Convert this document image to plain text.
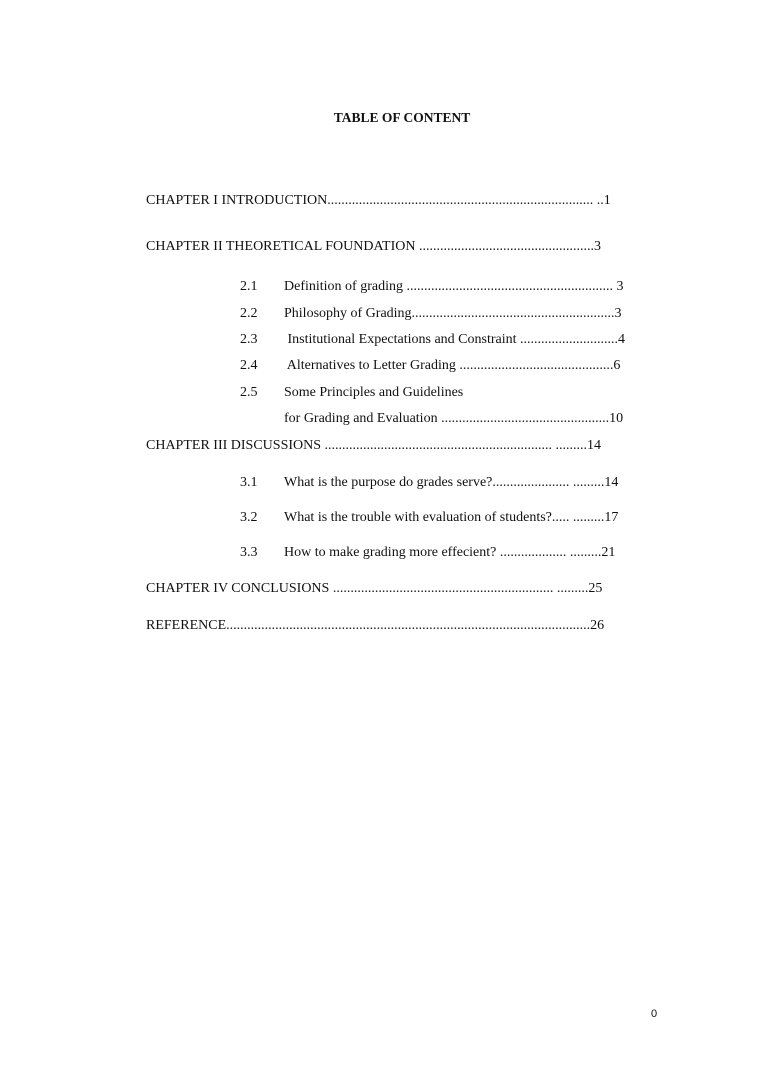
TABLE OF CONTENT
CHAPTER I INTRODUCTION............................................................................ ..1
CHAPTER II THEORETICAL FOUNDATION ..................................................3
2.1	Definition of grading ........................................................... 3
2.2	Philosophy of Grading..........................................................3
2.3	Institutional Expectations and Constraint ............................4
2.4	Alternatives to Letter Grading ............................................6
2.5	Some Principles and Guidelines
for Grading and Evaluation ................................................10
CHAPTER III DISCUSSIONS ................................................................. .........14
3.1	What is the purpose do grades serve?...................... .........14
3.2	What is the trouble with evaluation of students?..... .........17
3.3	How to make grading more effecient? ................... .........21
CHAPTER IV CONCLUSIONS ............................................................... .........25
REFERENCE........................................................................................................26
0
